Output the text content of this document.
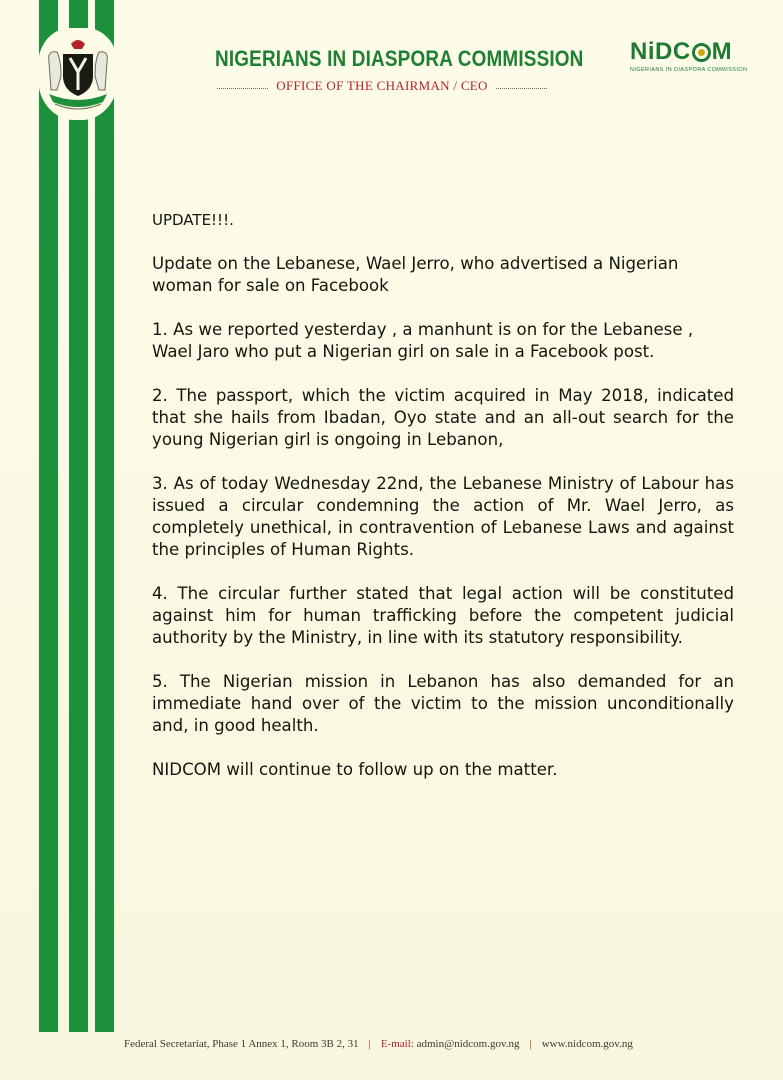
NIGERIANS IN DIASPORA COMMISSION
OFFICE OF THE CHAIRMAN / CEO
NiDC M
NIGERIANS IN DIASPORA COMMISSION

UPDATE!!!.

Update on the Lebanese, Wael Jerro, who advertised a Nigerian woman for sale on Facebook

1. As we reported yesterday , a manhunt is on for the Lebanese , Wael Jaro who put a Nigerian girl on sale in a Facebook post.

2. The passport, which the victim acquired in May 2018, indicated that she hails from Ibadan, Oyo state and an all-out search for the young Nigerian girl is ongoing in Lebanon,

3. As of today Wednesday 22nd, the Lebanese Ministry of Labour has issued a circular condemning the action of Mr. Wael Jerro, as completely unethical, in contravention of Lebanese Laws and against the principles of Human Rights.

4. The circular further stated that legal action will be constituted against him for human trafficking before the competent judicial authority by the Ministry, in line with its statutory responsibility.

5. The Nigerian mission in Lebanon has also demanded for an immediate hand over of the victim to the mission unconditionally and, in good health.

NIDCOM will continue to follow up on the matter.

Federal Secretariat, Phase 1 Annex 1, Room 3B 2, 31 | E-mail: admin@nidcom.gov.ng | www.nidcom.gov.ng
